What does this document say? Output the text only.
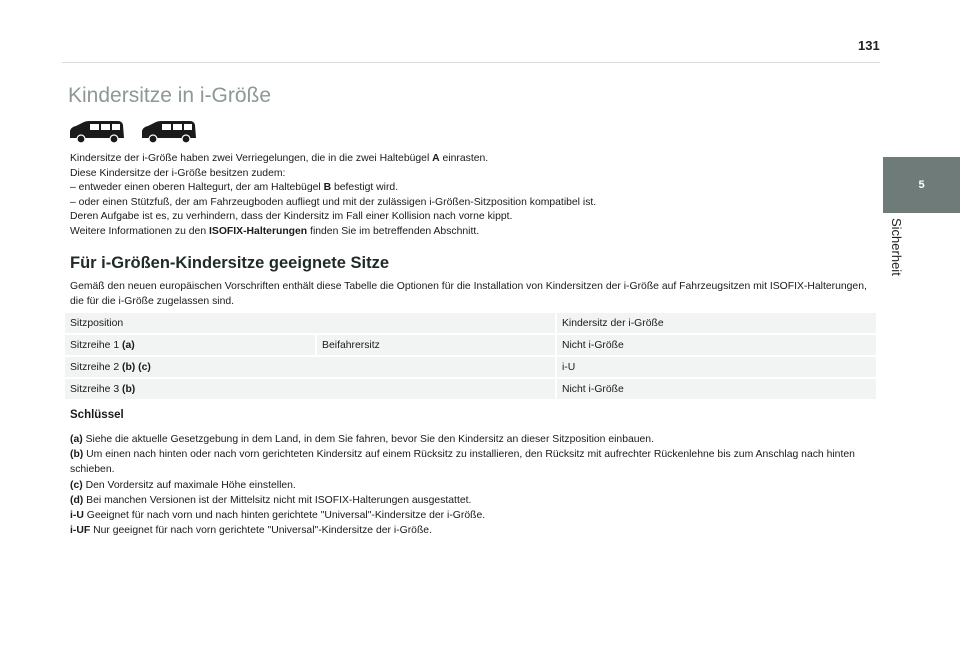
131
5
Sicherheit
Kindersitze in i-Größe

Kindersitze der i-Größe haben zwei Verriegelungen, die in die zwei Haltebügel A einrasten.

Diese Kindersitze der i-Größe besitzen zudem:

– entweder einen oberen Haltegurt, der am Haltebügel B befestigt wird.

– oder einen Stützfuß, der am Fahrzeugboden aufliegt und mit der zulässigen i-Größen-Sitzposition kompatibel ist.

Deren Aufgabe ist es, zu verhindern, dass der Kindersitz im Fall einer Kollision nach vorne kippt.

Weitere Informationen zu den ISOFIX-Halterungen finden Sie im betreffenden Abschnitt.

Für i-Größen-Kindersitze geeignete Sitze

Gemäß den neuen europäischen Vorschriften enthält diese Tabelle die Optionen für die Installation von Kindersitzen der i-Größe auf Fahrzeugsitzen mit ISOFIX-Halterungen, die für die i-Größe zugelassen sind.

Sitzposition		Kindersitz der i-Größe
Sitzreihe 1 (a)	Beifahrersitz	Nicht i-Größe
Sitzreihe 2 (b) (c)		i-U
Sitzreihe 3 (b)		Nicht i-Größe

Schlüssel

(a) Siehe die aktuelle Gesetzgebung in dem Land, in dem Sie fahren, bevor Sie den Kindersitz an dieser Sitzposition einbauen.

(b) Um einen nach hinten oder nach vorn gerichteten Kindersitz auf einem Rücksitz zu installieren, den Rücksitz mit aufrechter Rückenlehne bis zum Anschlag nach hinten schieben.

(c) Den Vordersitz auf maximale Höhe einstellen.

(d) Bei manchen Versionen ist der Mittelsitz nicht mit ISOFIX-Halterungen ausgestattet.

i-U Geeignet für nach vorn und nach hinten gerichtete "Universal"-Kindersitze der i-Größe.

i-UF Nur geeignet für nach vorn gerichtete "Universal"-Kindersitze der i-Größe.
